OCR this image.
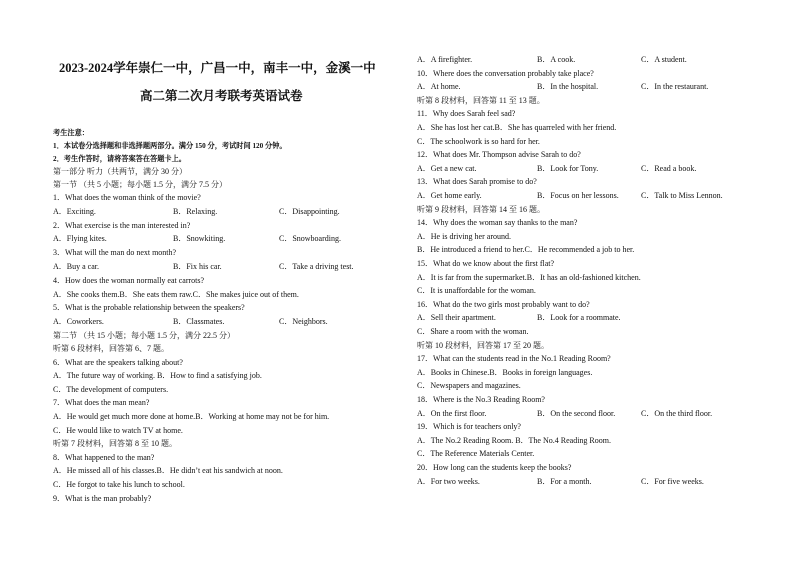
2023-2024学年崇仁一中，广昌一中，南丰一中，金溪一中
高二第二次月考联考英语试卷
考生注意：
1．本试卷分选择题和非选择题两部分。满分 150 分，考试时间 120 分钟。
2．考生作答时，请将答案答在答题卡上。
第一部分 听力（共两节，满分 30 分）
第一节 （共 5 小题；每小题 1.5 分，满分 7.5 分）
1．What does the woman think of the movie?
A．Exciting.	B．Relaxing.	C．Disappointing.
2．What exercise is the man interested in?
A．Flying kites.	B．Snowkiting.	C．Snowboarding.
3．What will the man do next month?
A．Buy a car.	B．Fix his car.	C．Take a driving test.
4．How does the woman normally eat carrots?
A．She cooks them.B．She eats them raw.C．She makes juice out of them.
5．What is the probable relationship between the speakers?
A．Coworkers.	B．Classmates.	C．Neighbors.
第二节 （共 15 小题；每小题 1.5 分，满分 22.5 分）
听第 6 段材料，回答第 6、7 题。
6．What are the speakers talking about?
A．The future way of working. B．How to find a satisfying job.
C．The development of computers.
7．What does the man mean?
A．He would get much more done at home.B．Working at home may not be for him.
C．He would like to watch TV at home.
听第 7 段材料，回答第 8 至 10 题。
8．What happened to the man?
A．He missed all of his classes.B．He didn’t eat his sandwich at noon.
C．He forgot to take his lunch to school.
9．What is the man probably?
A．A firefighter.	B．A cook.	C．A student.
10．Where does the conversation probably take place?
A．At home.	B．In the hospital.	C．In the restaurant.
听第 8 段材料，回答第 11 至 13 题。
11．Why does Sarah feel sad?
A．She has lost her cat.B．She has quarreled with her friend.
C．The schoolwork is so hard for her.
12．What does Mr. Thompson advise Sarah to do?
A．Get a new cat.	B．Look for Tony.	C．Read a book.
13．What does Sarah promise to do?
A．Get home early.	B．Focus on her lessons.	C．Talk to Miss Lennon.
听第 9 段材料，回答第 14 至 16 题。
14．Why does the woman say thanks to the man?
A．He is driving her around.
B．He introduced a friend to her.C．He recommended a job to her.
15．What do we know about the first flat?
A．It is far from the supermarket.B．It has an old-fashioned kitchen.
C．It is unaffordable for the woman.
16．What do the two girls most probably want to do?
A．Sell their apartment.	B．Look for a roommate.
C．Share a room with the woman.
听第 10 段材料，回答第 17 至 20 题。
17．What can the students read in the No.1 Reading Room?
A．Books in Chinese.B．Books in foreign languages.
C．Newspapers and magazines.
18．Where is the No.3 Reading Room?
A．On the first floor.	B．On the second floor.	C．On the third floor.
19．Which is for teachers only?
A．The No.2 Reading Room. B．The No.4 Reading Room.
C．The Reference Materials Center.
20．How long can the students keep the books?
A．For two weeks.	B．For a month.	C．For five weeks.
